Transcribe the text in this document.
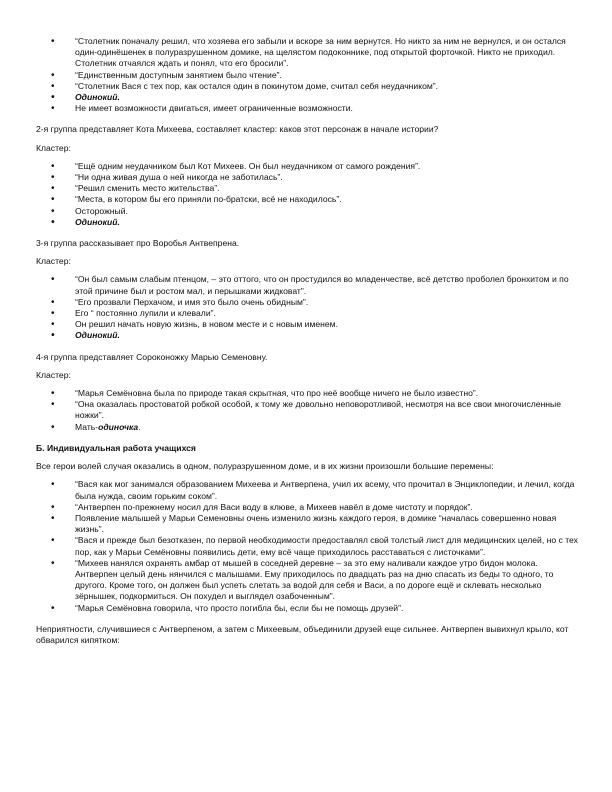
• “Столетник поначалу решил, что хозяева его забыли и вскоре за ним вернутся. Но никто за ним не вернулся, и он остался один-одинёшенек в полуразрушенном домике, на щелястом подоконнике, под открытой форточкой. Никто не приходил. Столетник отчаялся ждать и понял, что его бросили”.
• “Единственным доступным занятием было чтение”.
• “Столетник Вася с тех пор, как остался один в покинутом доме, считал себя неудачником”.
• Одинокий.
• Не имеет возможности двигаться, имеет ограниченные возможности.

2-я группа представляет Кота Михеева, составляет кластер: каков этот персонаж в начале истории?

Кластер:

• “Ещё одним неудачником был Кот Михеев. Он был неудачником от самого рождения”.
• “Ни одна живая душа о ней никогда не заботилась”.
• “Решил сменить место жительства”.
• “Места, в котором бы его приняли по-братски, всё не находилось”.
• Осторожный.
• Одинокий.

3-я группа рассказывает про Воробья Антвепрена.

Кластер:

• “Он был самым слабым птенцом, – это оттого, что он простудился во младенчестве, всё детство проболел бронхитом и по этой причине был и ростом мал, и перышками жидковат”.
• “Его прозвали Перхачом, и имя это было очень обидным”.
• Его “ постоянно лупили и клевали”.
• Он решил начать новую жизнь, в новом месте и с новым именем.
• Одинокий.

4-я группа представляет Сороконожку Марью Семеновну.

Кластер:

• “Марья Семёновна была по природе такая скрытная, что про неё вообще ничего не было известно”.
• “Она оказалась простоватой робкой особой, к тому же довольно неповоротливой, несмотря на все свои многочисленные ножки”.
• Мать-одиночка.

Б. Индивидуальная работа учащихся

Все герои волей случая оказались в одном, полуразрушенном доме, и в их жизни произошли большие перемены:

• “Вася как мог занимался образованием Михеева и Антверпена, учил их всему, что прочитал в Энциклопедии, и лечил, когда была нужда, своим горьким соком”.
• “Антверпен по-прежнему носил для Васи воду в клюве, а Михеев навёл в доме чистоту и порядок”.
• Появление малышей у Марьи Семеновны очень изменило жизнь каждого героя, в домике “началась совершенно новая жизнь”.
• “Вася и прежде был безотказен, по первой необходимости предоставлял свой толстый лист для медицинских целей, но с тех пор, как у Марьи Семёновны появились дети, ему всё чаще приходилось расставаться с листочками”.
• “Михеев нанялся охранять амбар от мышей в соседней деревне – за это ему наливали каждое утро бидон молока. Антверпен целый день нянчился с малышами. Ему приходилось по двадцать раз на дню спасать из беды то одного, то другого. Кроме того, он должен был успеть слетать за водой для себя и Васи, а по дороге ещё и склевать несколько зёрнышек, подкормиться. Он похудел и выглядел озабоченным”.
• “Марья Семёновна говорила, что просто погибла бы, если бы не помощь друзей”.

Неприятности, случившиеся с Антверпеном, а затем с Михеевым, объединили друзей еще сильнее. Антверпен вывихнул крыло, кот обварился кипятком:
